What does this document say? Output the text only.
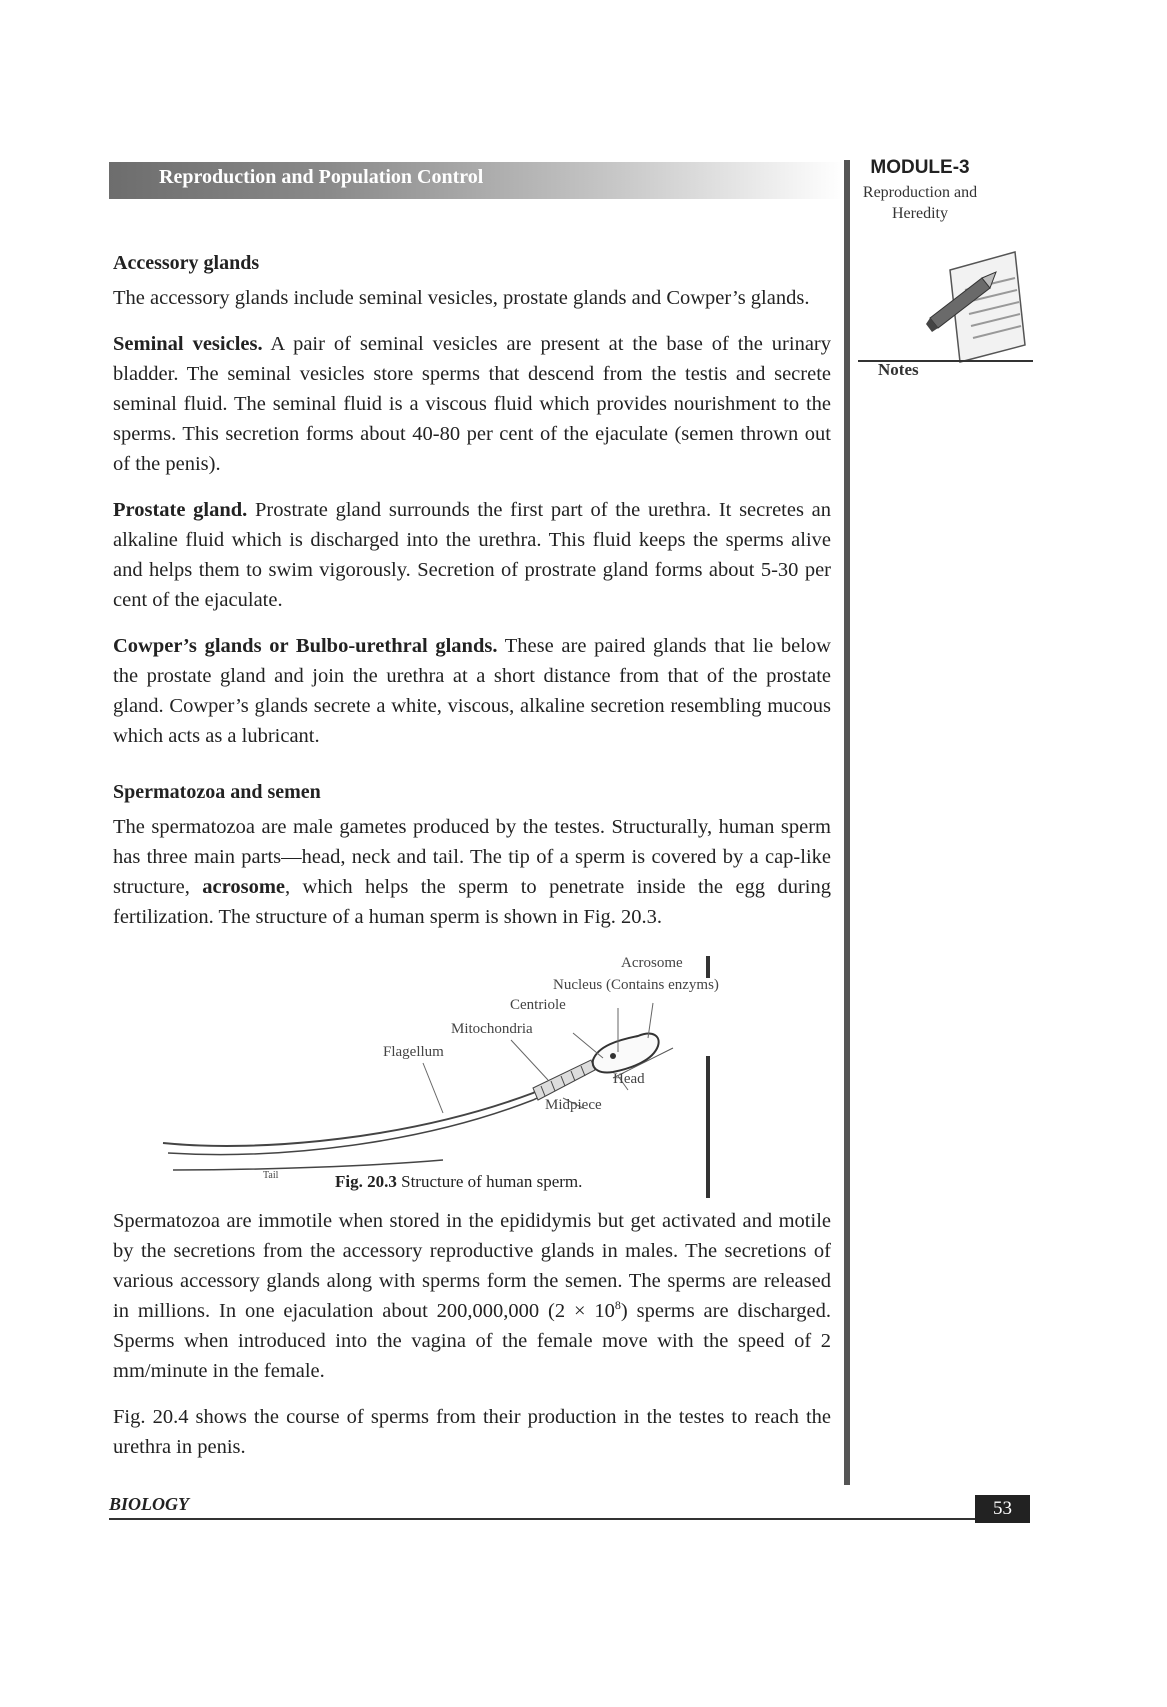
Reproduction and Population Control	MODULE-3
Reproduction and Heredity
Notes
Accessory glands

The accessory glands include seminal vesicles, prostate glands and Cowper’s glands.

Seminal vesicles. A pair of seminal vesicles are present at the base of the urinary bladder. The seminal vesicles store sperms that descend from the testis and secrete seminal fluid. The seminal fluid is a viscous fluid which provides nourishment to the sperms. This secretion forms about 40-80 per cent of the ejaculate (semen thrown out of the penis).

Prostate gland. Prostrate gland surrounds the first part of the urethra. It secretes an alkaline fluid which is discharged into the urethra. This fluid keeps the sperms alive and helps them to swim vigorously. Secretion of prostrate gland forms about 5-30 per cent of the ejaculate.

Cowper’s glands or Bulbo-urethral glands. These are paired glands that lie below the prostate gland and join the urethra at a short distance from that of the prostate gland. Cowper’s glands secrete a white, viscous, alkaline secretion resembling mucous which acts as a lubricant.

Spermatozoa and semen

The spermatozoa are male gametes produced by the testes. Structurally, human sperm has three main parts—head, neck and tail. The tip of a sperm is covered by a cap-like structure, acrosome, which helps the sperm to penetrate inside the egg during fertilization. The structure of a human sperm is shown in Fig. 20.3.

Acrosome
(Contains enzyms)
Nucleus
Centriole
Mitochondria
Flagellum
Head
Midpiece
Tail	Fig. 20.3 Structure of human sperm.

Spermatozoa are immotile when stored in the epididymis but get activated and motile by the secretions from the accessory reproductive glands in males. The secretions of various accessory glands along with sperms form the semen. The sperms are released in millions. In one ejaculation about 200,000,000 $(2 \times 10^8)$ sperms are discharged. Sperms when introduced into the vagina of the female move with the speed of 2 mm/minute in the female.

Fig. 20.4 shows the course of sperms from their production in the testes to reach the urethra in penis.

BIOLOGY	53
